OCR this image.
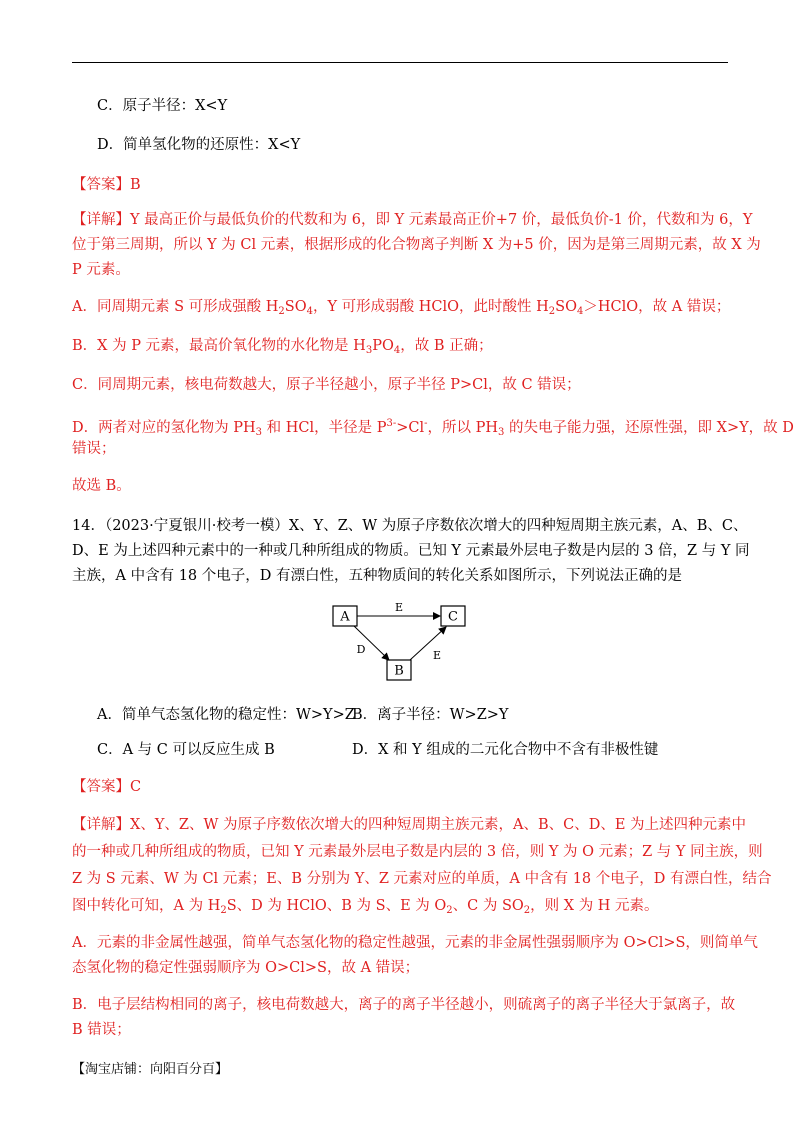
C．原子半径：X<Y
D．简单氢化物的还原性：X<Y
【答案】B
【详解】Y 最高正价与最低负价的代数和为 6，即 Y 元素最高正价+7 价，最低负价-1 价，代数和为 6，Y
位于第三周期，所以 Y 为 Cl 元素，根据形成的化合物离子判断 X 为+5 价，因为是第三周期元素，故 X 为
P 元素。
A．同周期元素 S 可形成强酸 $H_2SO_4$，Y 可形成弱酸 HClO，此时酸性 $H_2SO_4>HClO$，故 A 错误；
B．X 为 P 元素，最高价氧化物的水化物是 $H_3PO_4$，故 B 正确；
C．同周期元素，核电荷数越大，原子半径越小，原子半径 P>Cl，故 C 错误；
D．两者对应的氢化物为 $PH_3$ 和 HCl，半径是 $P^{3-}>Cl^-$，所以 $PH_3$ 的失电子能力强，还原性强，即 X>Y，故 D
错误；
故选 B。
14．（2023·宁夏银川·校考一模）X、Y、Z、W 为原子序数依次增大的四种短周期主族元素，A、B、C、
D、E 为上述四种元素中的一种或几种所组成的物质。已知 Y 元素最外层电子数是内层的 3 倍，Z 与 Y 同
主族，A 中含有 18 个电子，D 有漂白性，五种物质间的转化关系如图所示，下列说法正确的是
A	C
B
E
D	E
A．简单气态氢化物的稳定性：W>Y>Z
B．离子半径：W>Z>Y
C．A 与 C 可以反应生成 B	D．X 和 Y 组成的二元化合物中不含有非极性键
【答案】C
【详解】X、Y、Z、W 为原子序数依次增大的四种短周期主族元素，A、B、C、D、E 为上述四种元素中
的一种或几种所组成的物质，已知 Y 元素最外层电子数是内层的 3 倍，则 Y 为 O 元素；Z 与 Y 同主族，则
Z 为 S 元素、W 为 Cl 元素；E、B 分别为 Y、Z 元素对应的单质，A 中含有 18 个电子，D 有漂白性，结合
图中转化可知，A 为 $H_2S$、D 为 HClO、B 为 S、E 为 $O_2$、C 为 $SO_2$，则 X 为 H 元素。
A．元素的非金属性越强，简单气态氢化物的稳定性越强，元素的非金属性强弱顺序为 O>Cl>S，则简单气
态氢化物的稳定性强弱顺序为 O>Cl>S，故 A 错误；
B．电子层结构相同的离子，核电荷数越大，离子的离子半径越小，则硫离子的离子半径大于氯离子，故
B 错误；
【淘宝店铺：向阳百分百】
